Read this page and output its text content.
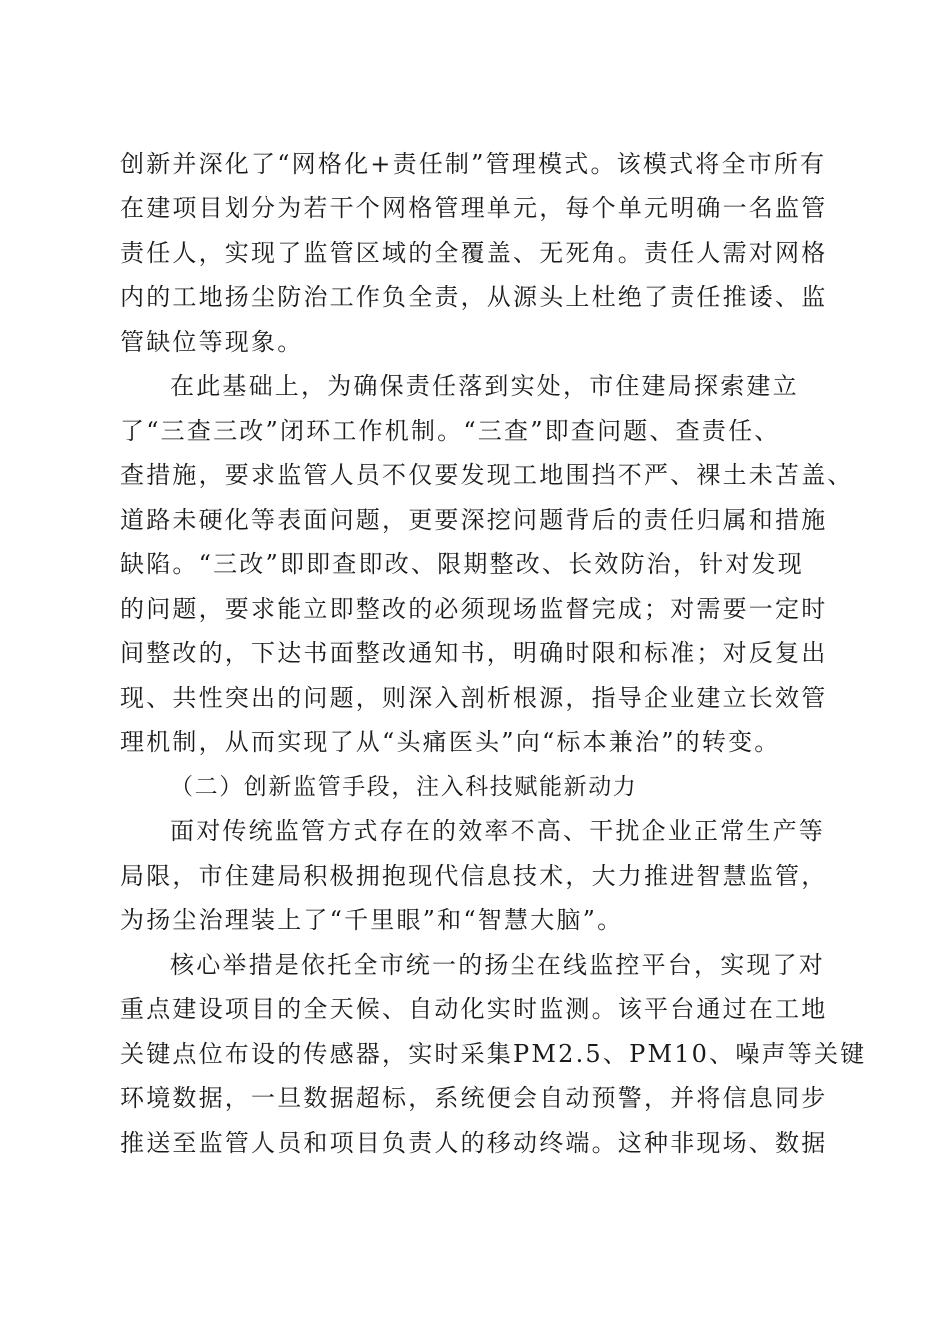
创新并深化了“网格化+责任制”管理模式。该模式将全市所有
在建项目划分为若干个网格管理单元，每个单元明确一名监管
责任人，实现了监管区域的全覆盖、无死角。责任人需对网格
内的工地扬尘防治工作负全责，从源头上杜绝了责任推诿、监
管缺位等现象。
在此基础上，为确保责任落到实处，市住建局探索建立
了“三查三改”闭环工作机制。“三查”即查问题、查责任、
查措施，要求监管人员不仅要发现工地围挡不严、裸土未苫盖、
道路未硬化等表面问题，更要深挖问题背后的责任归属和措施
缺陷。“三改”即即查即改、限期整改、长效防治，针对发现
的问题，要求能立即整改的必须现场监督完成；对需要一定时
间整改的，下达书面整改通知书，明确时限和标准；对反复出
现、共性突出的问题，则深入剖析根源，指导企业建立长效管
理机制，从而实现了从“头痛医头”向“标本兼治”的转变。
（二）创新监管手段，注入科技赋能新动力
面对传统监管方式存在的效率不高、干扰企业正常生产等
局限，市住建局积极拥抱现代信息技术，大力推进智慧监管，
为扬尘治理装上了“千里眼”和“智慧大脑”。
核心举措是依托全市统一的扬尘在线监控平台，实现了对
重点建设项目的全天候、自动化实时监测。该平台通过在工地
关键点位布设的传感器，实时采集PM2.5、PM10、噪声等关键
环境数据，一旦数据超标，系统便会自动预警，并将信息同步
推送至监管人员和项目负责人的移动终端。这种非现场、数据
